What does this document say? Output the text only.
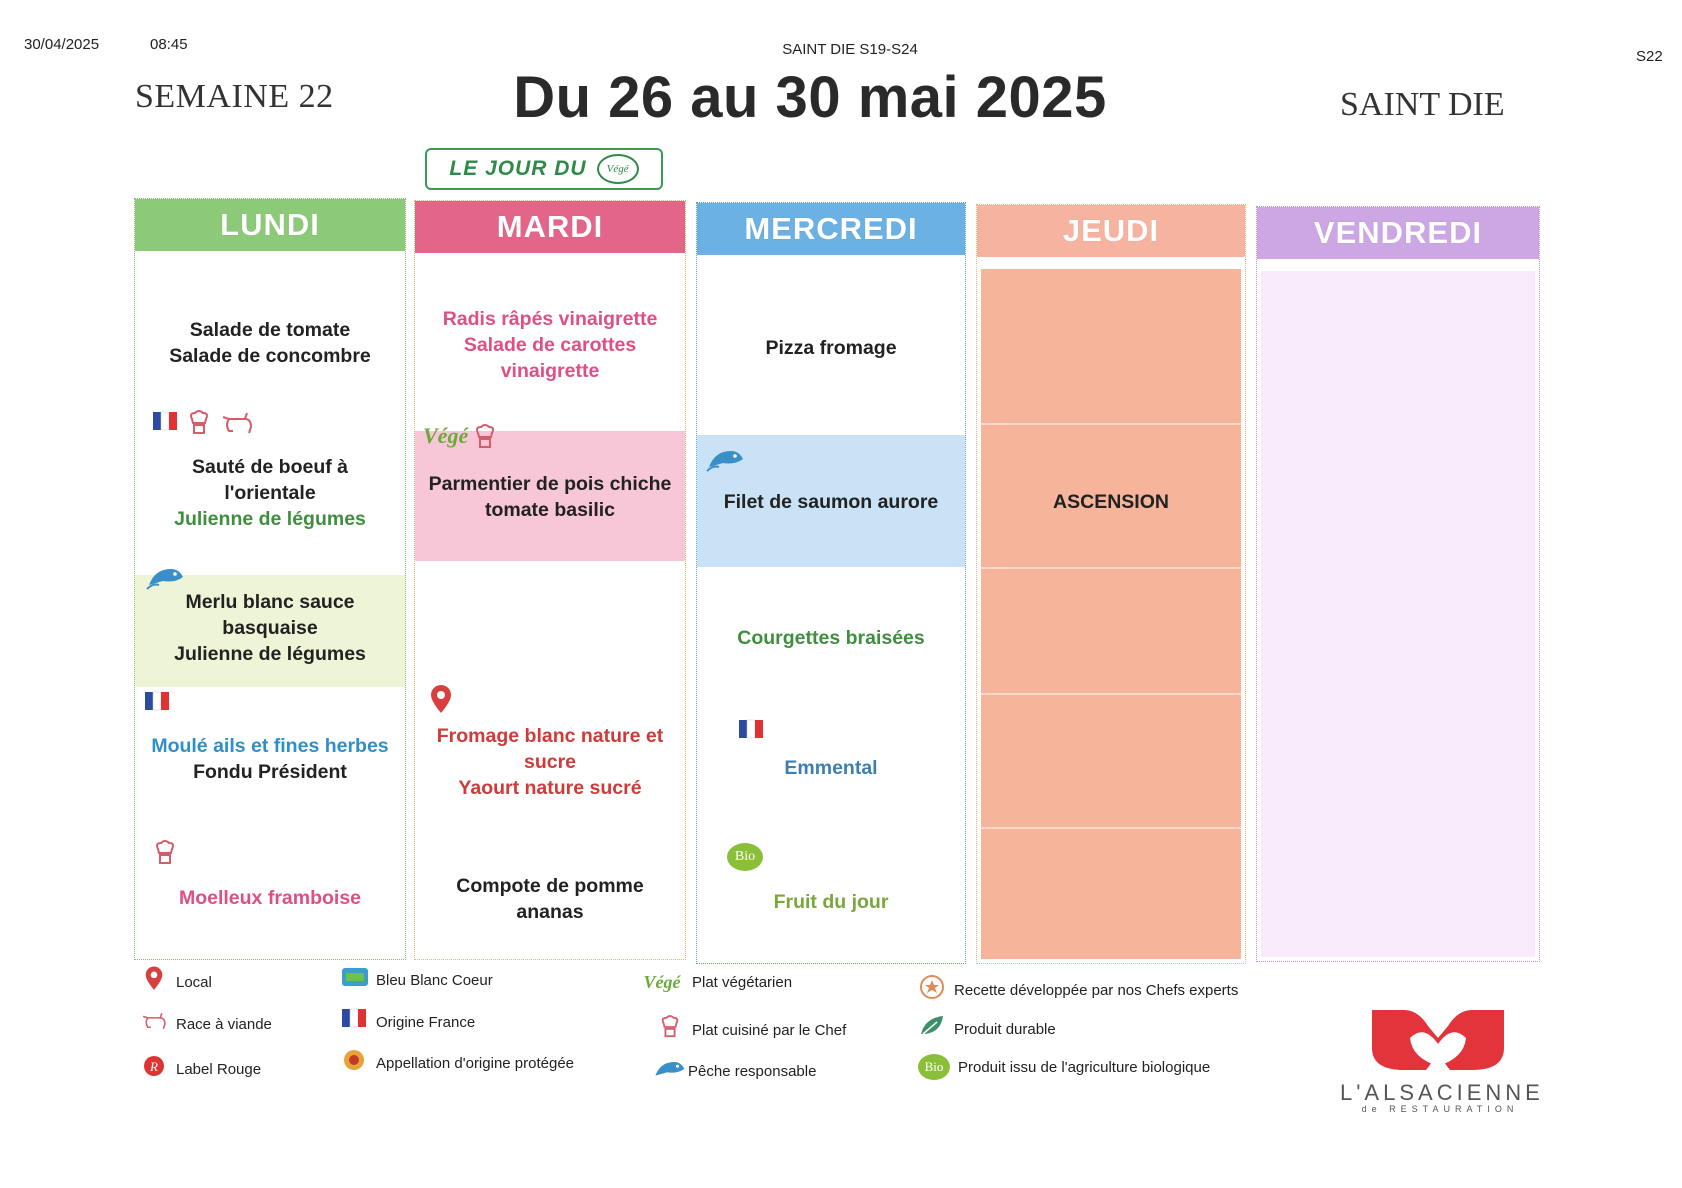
30/04/2025	08:45	SAINT DIE S19-S24	S22
SEMAINE 22	Du 26 au 30 mai 2025	SAINT DIE
LE JOUR DU	Végé
LUNDI
Salade de tomate
Salade de concombre
Sauté de boeuf à
l'orientale
Julienne de légumes
Merlu blanc sauce
basquaise
Julienne de légumes
Moulé ails et fines herbes
Fondu Président
Moelleux framboise
MARDI
Radis râpés vinaigrette
Salade de carottes
vinaigrette
Végé
Parmentier de pois chiche
tomate basilic
Fromage blanc nature et
sucre
Yaourt nature sucré
Compote de pomme
ananas
MERCREDI
Pizza fromage
Filet de saumon aurore
Courgettes braisées
Emmental
Bio
Fruit du jour
JEUDI
ASCENSION
VENDREDI
Local
Race à viande
R Label Rouge
Bleu Blanc Coeur
Origine France
Appellation d'origine protégée
Végé Plat végétarien
Plat cuisiné par le Chef
Pêche responsable
Recette développée par nos Chefs experts
Produit durable
Bio Produit issu de l'agriculture biologique
L'ALSACIENNE
de RESTAURATION
